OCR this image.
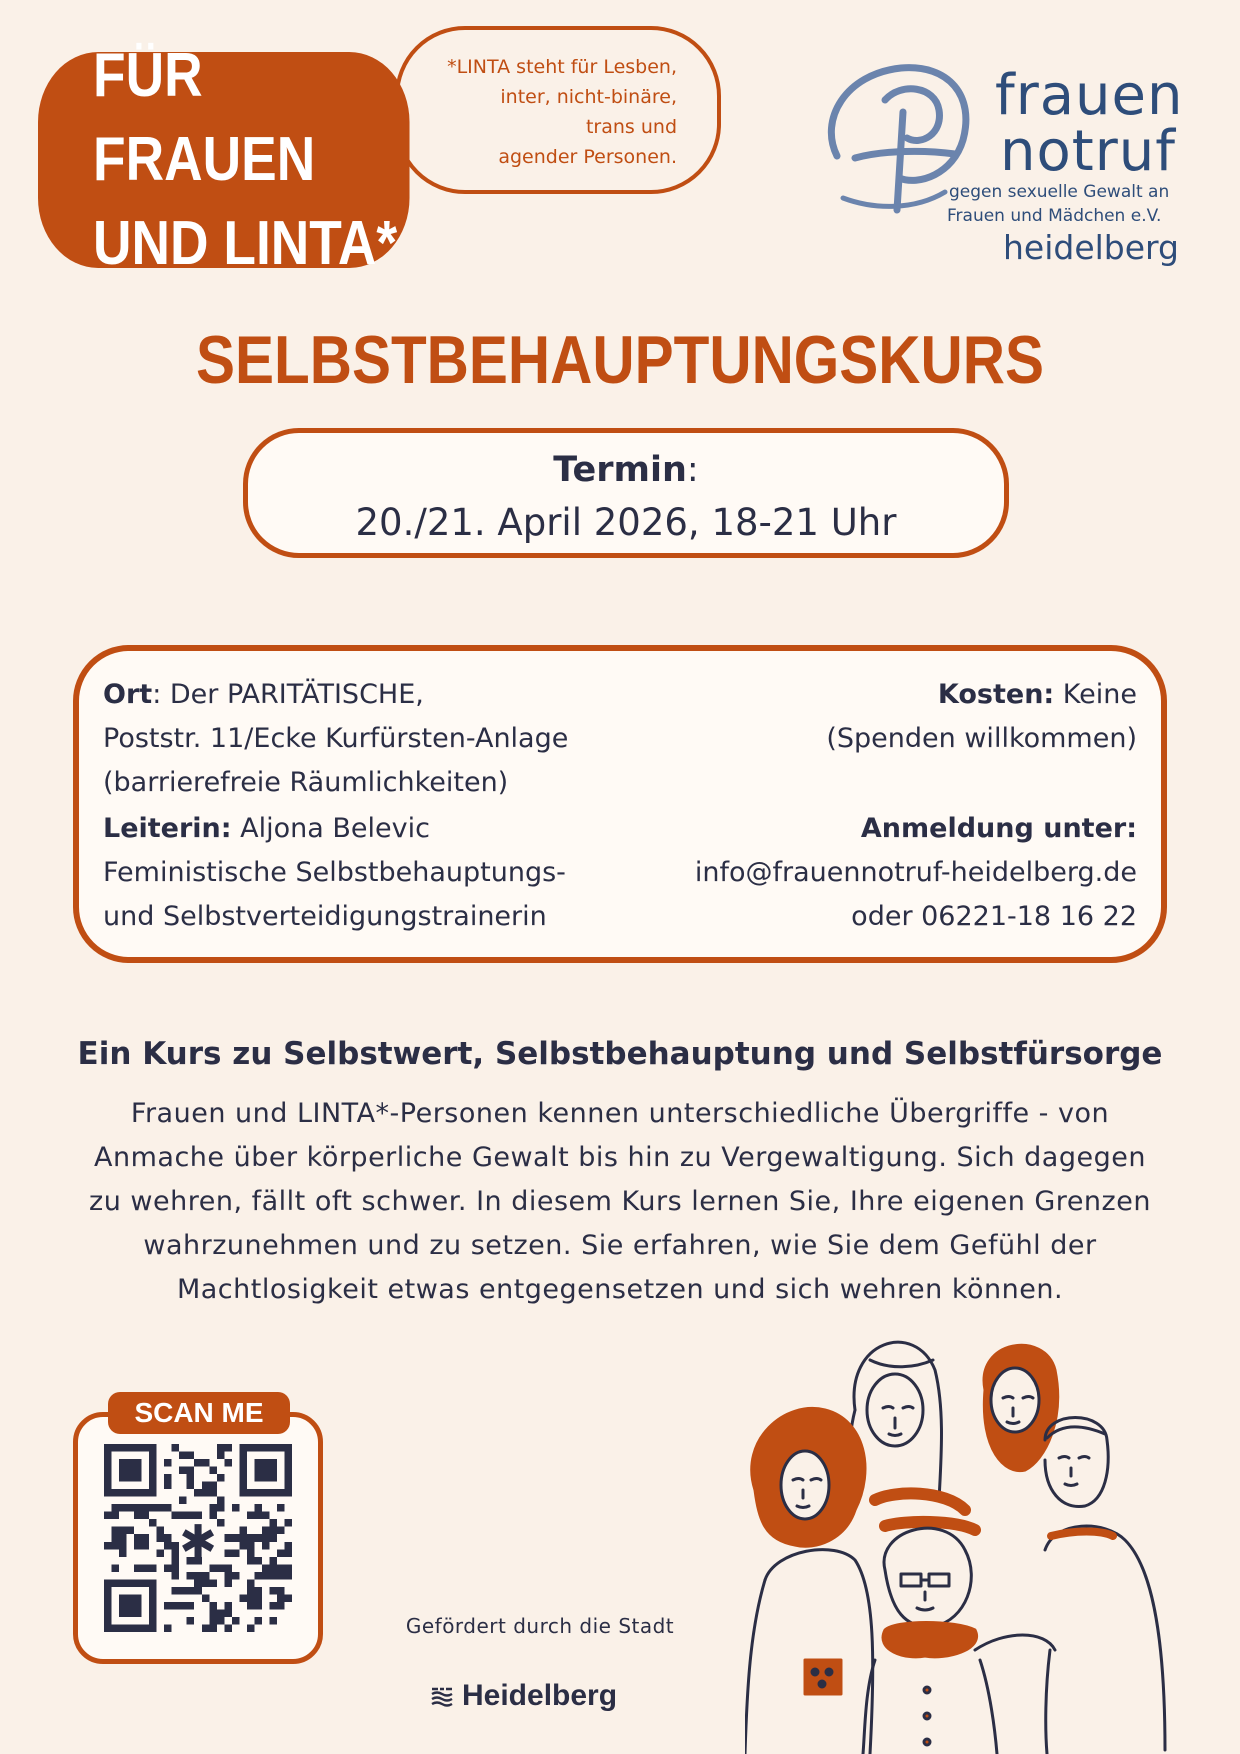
*LINTA steht für Lesben,
inter, nicht-binäre,
trans und
agender Personen.
FÜR FRAUEN
UND LINTA*
frauen
notruf
gegen sexuelle Gewalt an
Frauen und Mädchen e.V.
heidelberg
SELBSTBEHAUPTUNGSKURS
Termin:
20./21. April 2026, 18-21 Uhr
Ort: Der PARITÄTISCHE,
Poststr. 11/Ecke Kurfürsten-Anlage
(barrierefreie Räumlichkeiten)
Leiterin: Aljona Belevic
Feministische Selbstbehauptungs-
und Selbstverteidigungstrainerin
Kosten: Keine
(Spenden willkommen)
Anmeldung unter:
info@frauennotruf-heidelberg.de
oder 06221-18 16 22
Ein Kurs zu Selbstwert, Selbstbehauptung und Selbstfürsorge
Frauen und LINTA*-Personen kennen unterschiedliche Übergriffe - von
Anmache über körperliche Gewalt bis hin zu Vergewaltigung. Sich dagegen
zu wehren, fällt oft schwer. In diesem Kurs lernen Sie, Ihre eigenen Grenzen
wahrzunehmen und zu setzen. Sie erfahren, wie Sie dem Gefühl der
Machtlosigkeit etwas entgegensetzen und sich wehren können.
SCAN ME
✱
Gefördert durch die Stadt
Heidelberg
